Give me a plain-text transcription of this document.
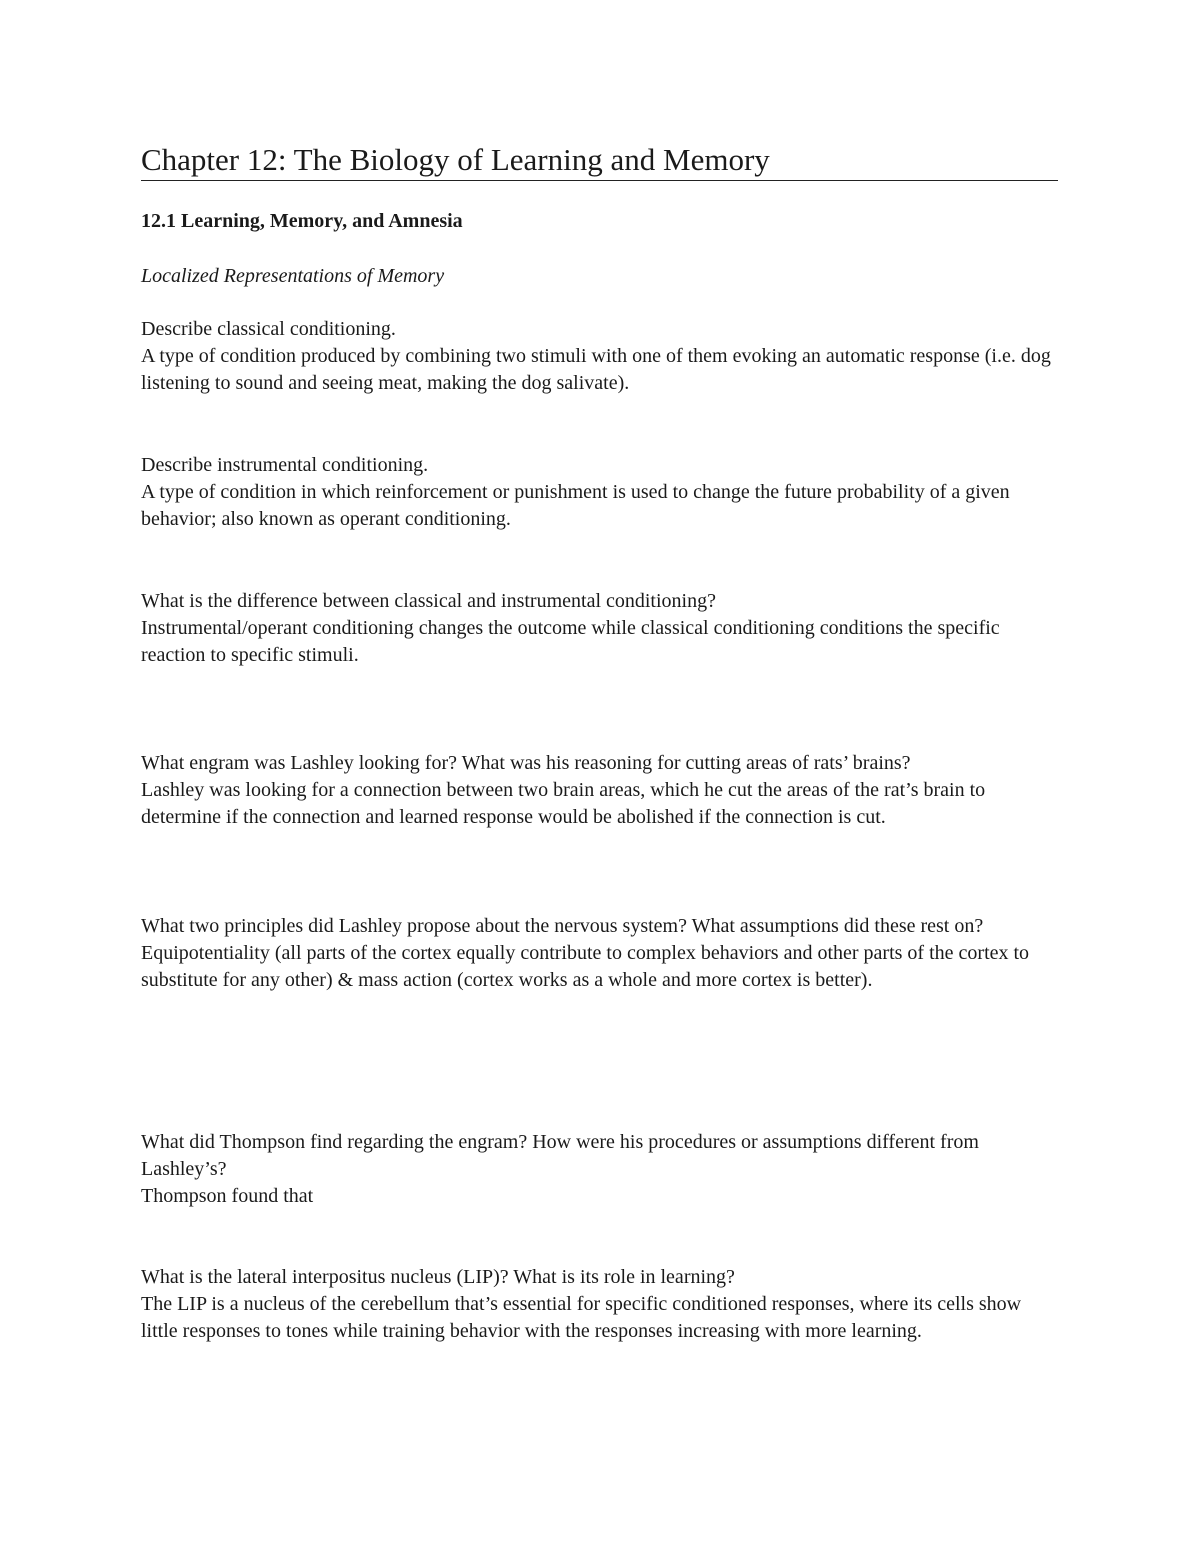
Chapter 12: The Biology of Learning and Memory
12.1 Learning, Memory, and Amnesia
Localized Representations of Memory

Describe classical conditioning.

A type of condition produced by combining two stimuli with one of them evoking an automatic response (i.e. dog listening to sound and seeing meat, making the dog salivate).

Describe instrumental conditioning.

A type of condition in which reinforcement or punishment is used to change the future probability of a given behavior; also known as operant conditioning.

What is the difference between classical and instrumental conditioning?

Instrumental/operant conditioning changes the outcome while classical conditioning conditions the specific reaction to specific stimuli.

What engram was Lashley looking for? What was his reasoning for cutting areas of rats’ brains?

Lashley was looking for a connection between two brain areas, which he cut the areas of the rat’s brain to determine if the connection and learned response would be abolished if the connection is cut.

What two principles did Lashley propose about the nervous system? What assumptions did these rest on?

Equipotentiality (all parts of the cortex equally contribute to complex behaviors and other parts of the cortex to substitute for any other) & mass action (cortex works as a whole and more cortex is better).

What did Thompson find regarding the engram? How were his procedures or assumptions different from Lashley’s?

Thompson found that

What is the lateral interpositus nucleus (LIP)? What is its role in learning?

The LIP is a nucleus of the cerebellum that’s essential for specific conditioned responses, where its cells show little responses to tones while training behavior with the responses increasing with more learning.
